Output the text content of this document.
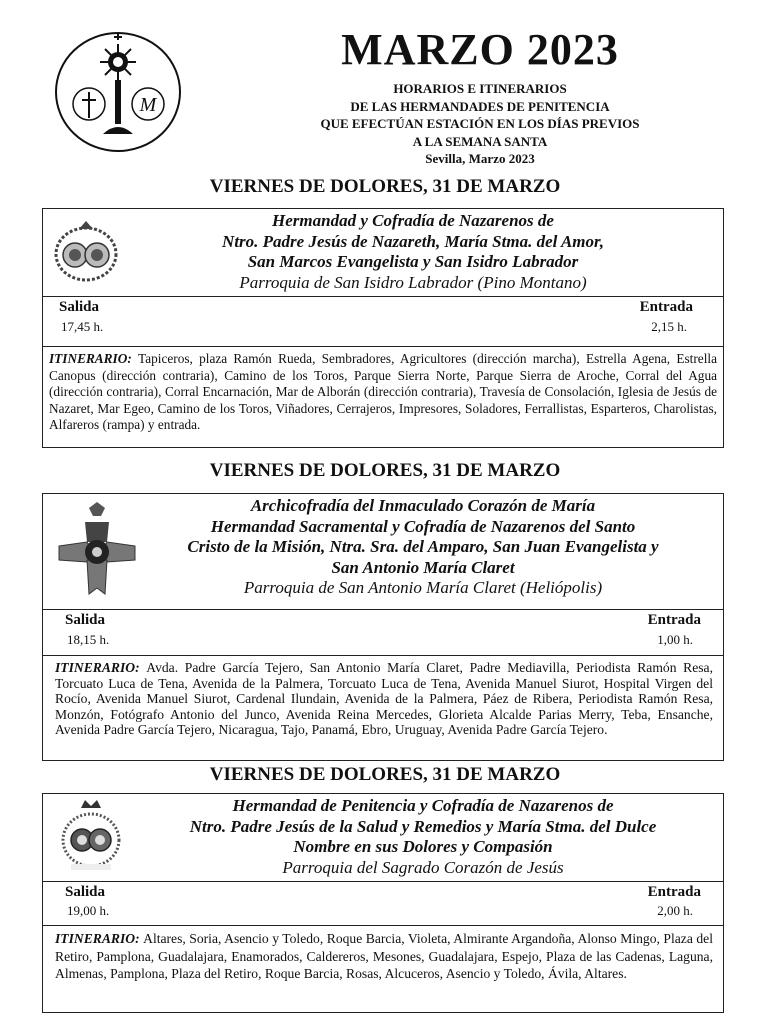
M
MARZO 2023
HORARIOS E ITINERARIOS
DE LAS HERMANDADES DE PENITENCIA
QUE EFECTÚAN ESTACIÓN EN LOS DÍAS PREVIOS
A LA SEMANA SANTA
Sevilla, Marzo 2023
VIERNES DE DOLORES, 31 DE MARZO
Hermandad y Cofradía de Nazarenos de
Ntro. Padre Jesús de Nazareth, María Stma. del Amor,
San Marcos Evangelista y San Isidro Labrador
Parroquia de San Isidro Labrador (Pino Montano)
Salida
17,45 h.
Entrada
2,15 h.
ITINERARIO: Tapiceros, plaza Ramón Rueda, Sembradores, Agricultores (dirección marcha), Estrella Agena, Estrella Canopus (dirección contraria), Camino de los Toros, Parque Sierra Norte, Parque Sierra de Aroche, Corral del Agua (dirección contraria), Corral Encarnación, Mar de Alborán (dirección contraria), Travesía de Consolación, Iglesia de Jesús de Nazaret, Mar Egeo, Camino de los Toros, Viñadores, Cerrajeros, Impresores, Soladores, Ferrallistas, Esparteros, Charolistas, Alfareros (rampa) y entrada.
VIERNES DE DOLORES, 31 DE MARZO
Archicofradía del Inmaculado Corazón de María
Hermandad Sacramental y Cofradía de Nazarenos del Santo
Cristo de la Misión, Ntra. Sra. del Amparo, San Juan Evangelista y
San Antonio María Claret
Parroquia de San Antonio María Claret (Heliópolis)
Salida
18,15 h.
Entrada
1,00 h.
ITINERARIO: Avda. Padre García Tejero, San Antonio María Claret, Padre Mediavilla, Periodista Ramón Resa, Torcuato Luca de Tena, Avenida de la Palmera, Torcuato Luca de Tena, Avenida Manuel Siurot, Hospital Virgen del Rocío, Avenida Manuel Siurot, Cardenal Ilundain, Avenida de la Palmera, Páez de Ribera, Periodista Ramón Resa, Monzón, Fotógrafo Antonio del Junco, Avenida Reina Mercedes, Glorieta Alcalde Parias Merry, Teba, Ensanche, Avenida Padre García Tejero, Nicaragua, Tajo, Panamá, Ebro, Uruguay, Avenida Padre García Tejero.
VIERNES DE DOLORES, 31 DE MARZO
Hermandad de Penitencia y Cofradía de Nazarenos de
Ntro. Padre Jesús de la Salud y Remedios y María Stma. del Dulce
Nombre en sus Dolores y Compasión
Parroquia del Sagrado Corazón de Jesús
Salida
19,00 h.
Entrada
2,00 h.
ITINERARIO: Altares, Soria, Asencio y Toledo, Roque Barcia, Violeta, Almirante Argandoña, Alonso Mingo, Plaza del Retiro, Pamplona, Guadalajara, Enamorados, Caldereros, Mesones, Guadalajara, Espejo, Plaza de las Cadenas, Laguna, Almenas, Pamplona, Plaza del Retiro, Roque Barcia, Rosas, Alcuceros, Asencio y Toledo, Ávila, Altares.
